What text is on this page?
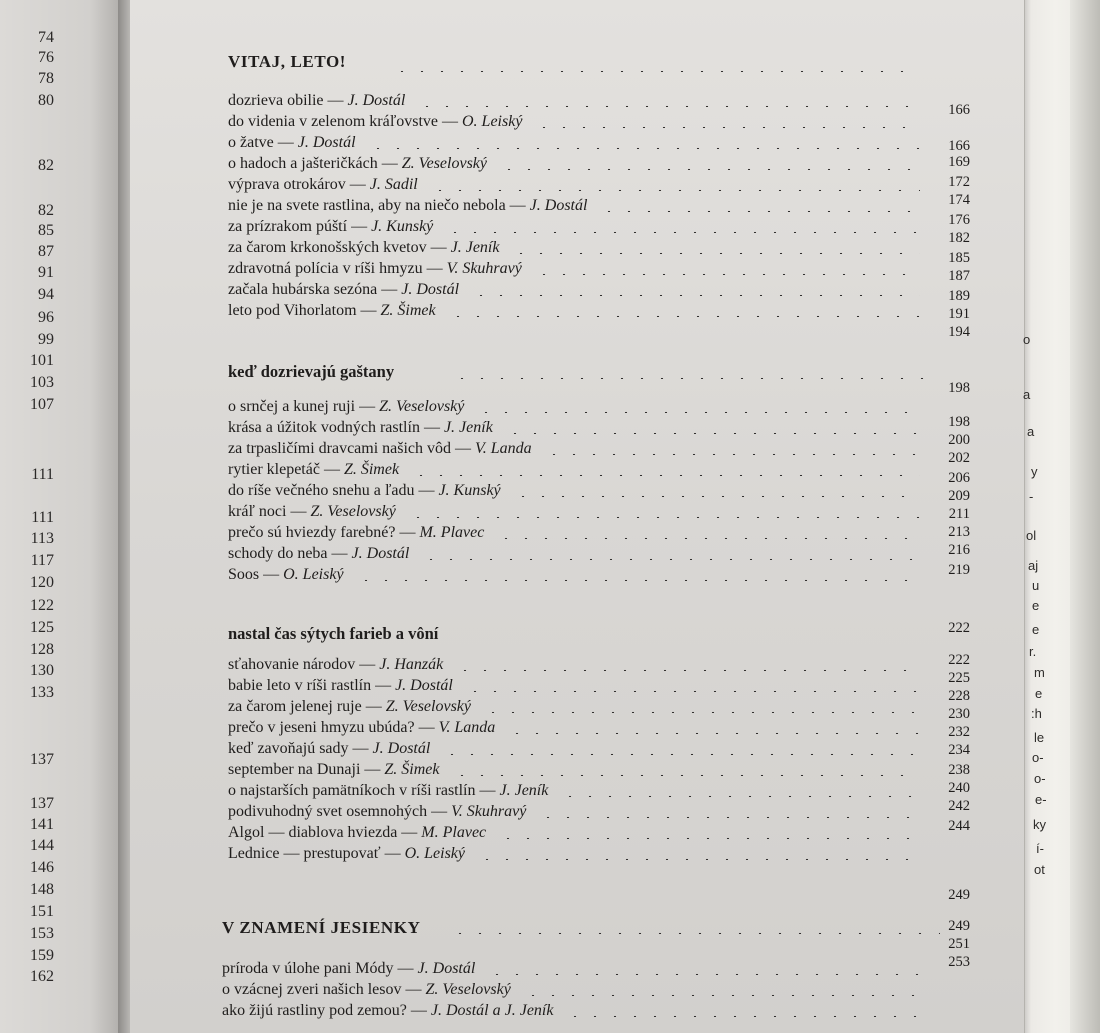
74
76
78
80
82
82
85
87
91
94
96
99
101
103
107
111
111
113
117
120
122
125
128
130
133
137
137
141
144
146
148
151
153
159
162
VITAJ, LETO!
dozrieva obilie — J. Dostál
do videnia v zelenom kráľovstve — O. Leiský
o žatve — J. Dostál
o hadoch a jašteričkách — Z. Veselovský
výprava otrokárov — J. Sadil
nie je na svete rastlina, aby na niečo nebola — J. Dostál
za prízrakom púští — J. Kunský
za čarom krkonošských kvetov — J. Jeník
zdravotná polícia v ríši hmyzu — V. Skuhravý
začala hubárska sezóna — J. Dostál
leto pod Vihorlatom — Z. Šimek
o srnčej a kunej ruji — Z. Veselovský
krása a úžitok vodných rastlín — J. Jeník
za trpasličími dravcami našich vôd — V. Landa
rytier klepetáč — Z. Šimek
do ríše večného snehu a ľadu — J. Kunský
kráľ noci — Z. Veselovský
prečo sú hviezdy farebné? — M. Plavec
schody do neba — J. Dostál
Soos — O. Leiský
sťahovanie národov — J. Hanzák
babie leto v ríši rastlín — J. Dostál
za čarom jelenej ruje — Z. Veselovský
prečo v jeseni hmyzu ubúda? — V. Landa
keď zavoňajú sady — J. Dostál
september na Dunaji — Z. Šimek
o najstarších pamätníkoch v ríši rastlín — J. Jeník
podivuhodný svet osemnohých — V. Skuhravý
Algol — diablova hviezda — M. Plavec
Lednice — prestupovať — O. Leiský
príroda v úlohe pani Módy — J. Dostál
o vzácnej zveri našich lesov — Z. Veselovský
ako žijú rastliny pod zemou? — J. Dostál a J. Jeník
keď dozrievajú gaštany
nastal čas sýtych farieb a vôní
V ZNAMENÍ JESIENKY
166
166
169
172
174
176
182
185
187
189
191
194
198
198
200
202
206
209
211
213
216
219
222
222
225
228
230
232
234
238
240
242
244
249
249
251
253
o
a
a
y
-
ol
aj
u
e
e
r.
m
e
:h
le
o-
o-
e-
ky
í-
ot
